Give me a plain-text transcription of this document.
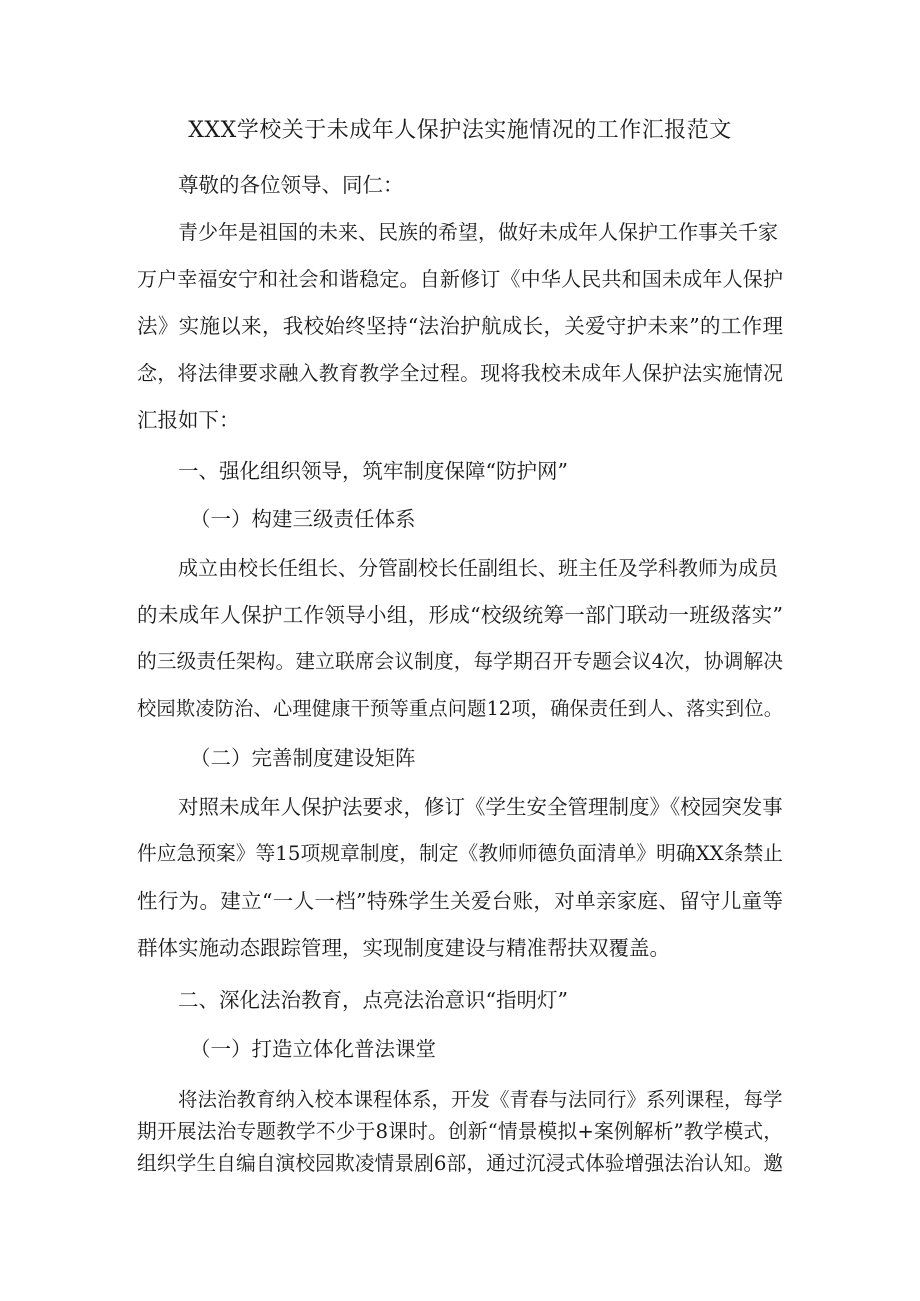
XXX学校关于未成年人保护法实施情况的工作汇报范文
尊敬的各位领导、同仁：
青少年是祖国的未来、民族的希望，做好未成年人保护工作事关千家
万户幸福安宁和社会和谐稳定。自新修订《中华人民共和国未成年人保护
法》实施以来，我校始终坚持“法治护航成长，关爱守护未来”的工作理
念，将法律要求融入教育教学全过程。现将我校未成年人保护法实施情况
汇报如下：
一、强化组织领导，筑牢制度保障“防护网”
（一）构建三级责任体系
成立由校长任组长、分管副校长任副组长、班主任及学科教师为成员
的未成年人保护工作领导小组，形成“校级统筹一部门联动一班级落实”
的三级责任架构。建立联席会议制度，每学期召开专题会议4次，协调解决
校园欺凌防治、心理健康干预等重点问题12项，确保责任到人、落实到位。
（二）完善制度建设矩阵
对照未成年人保护法要求，修订《学生安全管理制度》《校园突发事
件应急预案》等15项规章制度，制定《教师师德负面清单》明确XX条禁止
性行为。建立“一人一档”特殊学生关爱台账，对单亲家庭、留守儿童等
群体实施动态跟踪管理，实现制度建设与精准帮扶双覆盖。
二、深化法治教育，点亮法治意识“指明灯”
（一）打造立体化普法课堂
将法治教育纳入校本课程体系，开发《青春与法同行》系列课程，每学
期开展法治专题教学不少于8课时。创新“情景模拟+案例解析”教学模式，
组织学生自编自演校园欺凌情景剧6部，通过沉浸式体验增强法治认知。邀
